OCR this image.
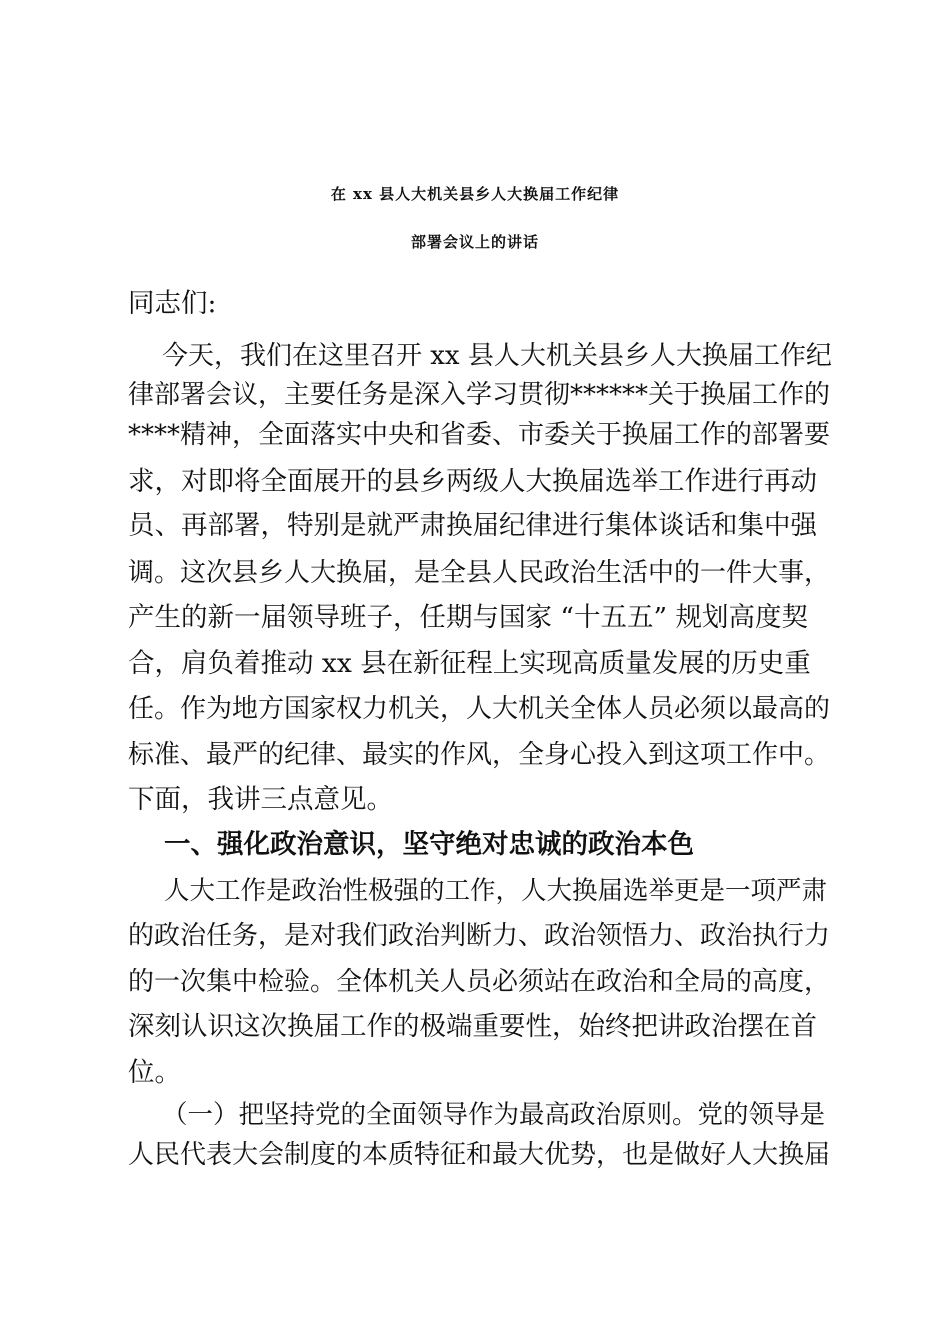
在 xx 县人大机关县乡人大换届工作纪律
部署会议上的讲话

同志们:

今天，我们在这里召开 xx 县人大机关县乡人大换届工作纪

律部署会议，主要任务是深入学习贯彻******关于换届工作的

****精神，全面落实中央和省委、市委关于换届工作的部署要

求，对即将全面展开的县乡两级人大换届选举工作进行再动

员、再部署，特别是就严肃换届纪律进行集体谈话和集中强

调。这次县乡人大换届，是全县人民政治生活中的一件大事，

产生的新一届领导班子，任期与国家 “十五五” 规划高度契

合，肩负着推动 xx 县在新征程上实现高质量发展的历史重

任。作为地方国家权力机关，人大机关全体人员必须以最高的

标准、最严的纪律、最实的作风，全身心投入到这项工作中。

下面，我讲三点意见。

一、强化政治意识，坚守绝对忠诚的政治本色

人大工作是政治性极强的工作，人大换届选举更是一项严肃

的政治任务，是对我们政治判断力、政治领悟力、政治执行力

的一次集中检验。全体机关人员必须站在政治和全局的高度，

深刻认识这次换届工作的极端重要性，始终把讲政治摆在首

位。

（一）把坚持党的全面领导作为最高政治原则。党的领导是

人民代表大会制度的本质特征和最大优势，也是做好人大换届
